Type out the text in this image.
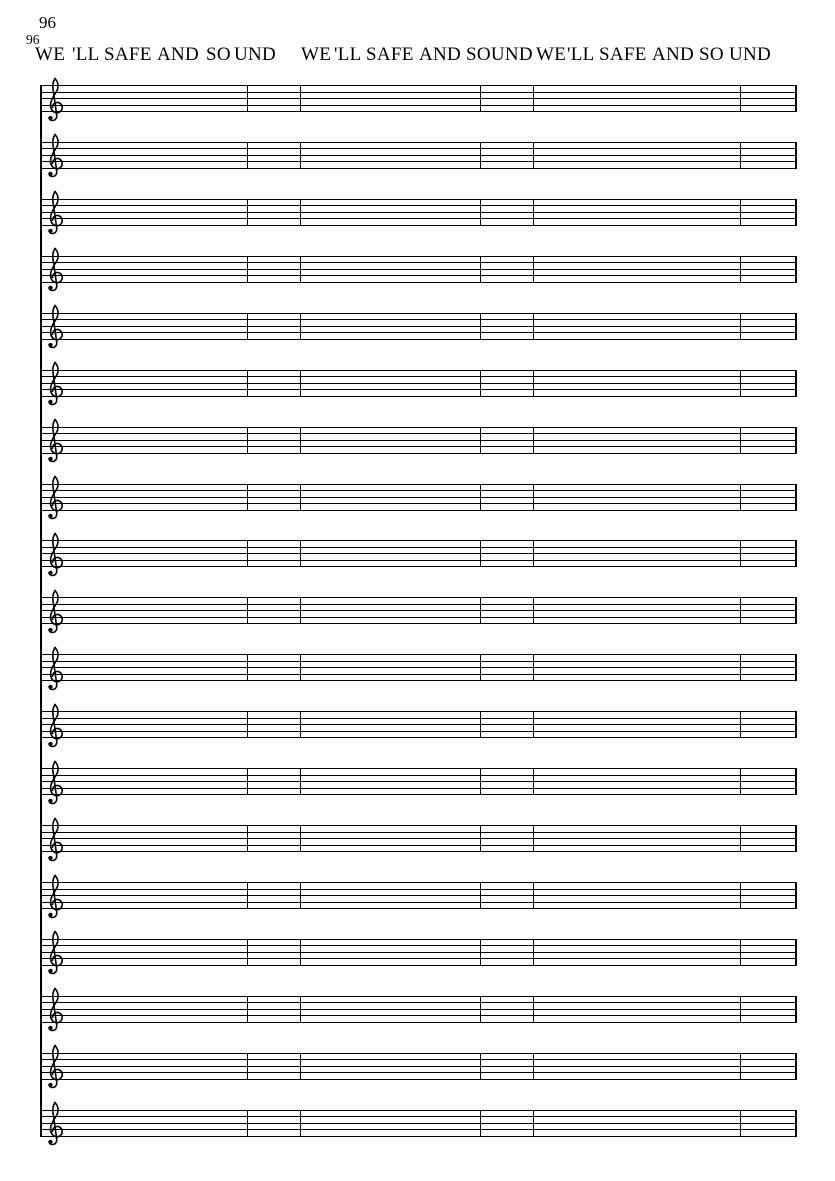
96
96
WE 'LL SAFE AND SO UND WE 'LL SAFE AND SOUND WE 'LL SAFE AND SO UND
